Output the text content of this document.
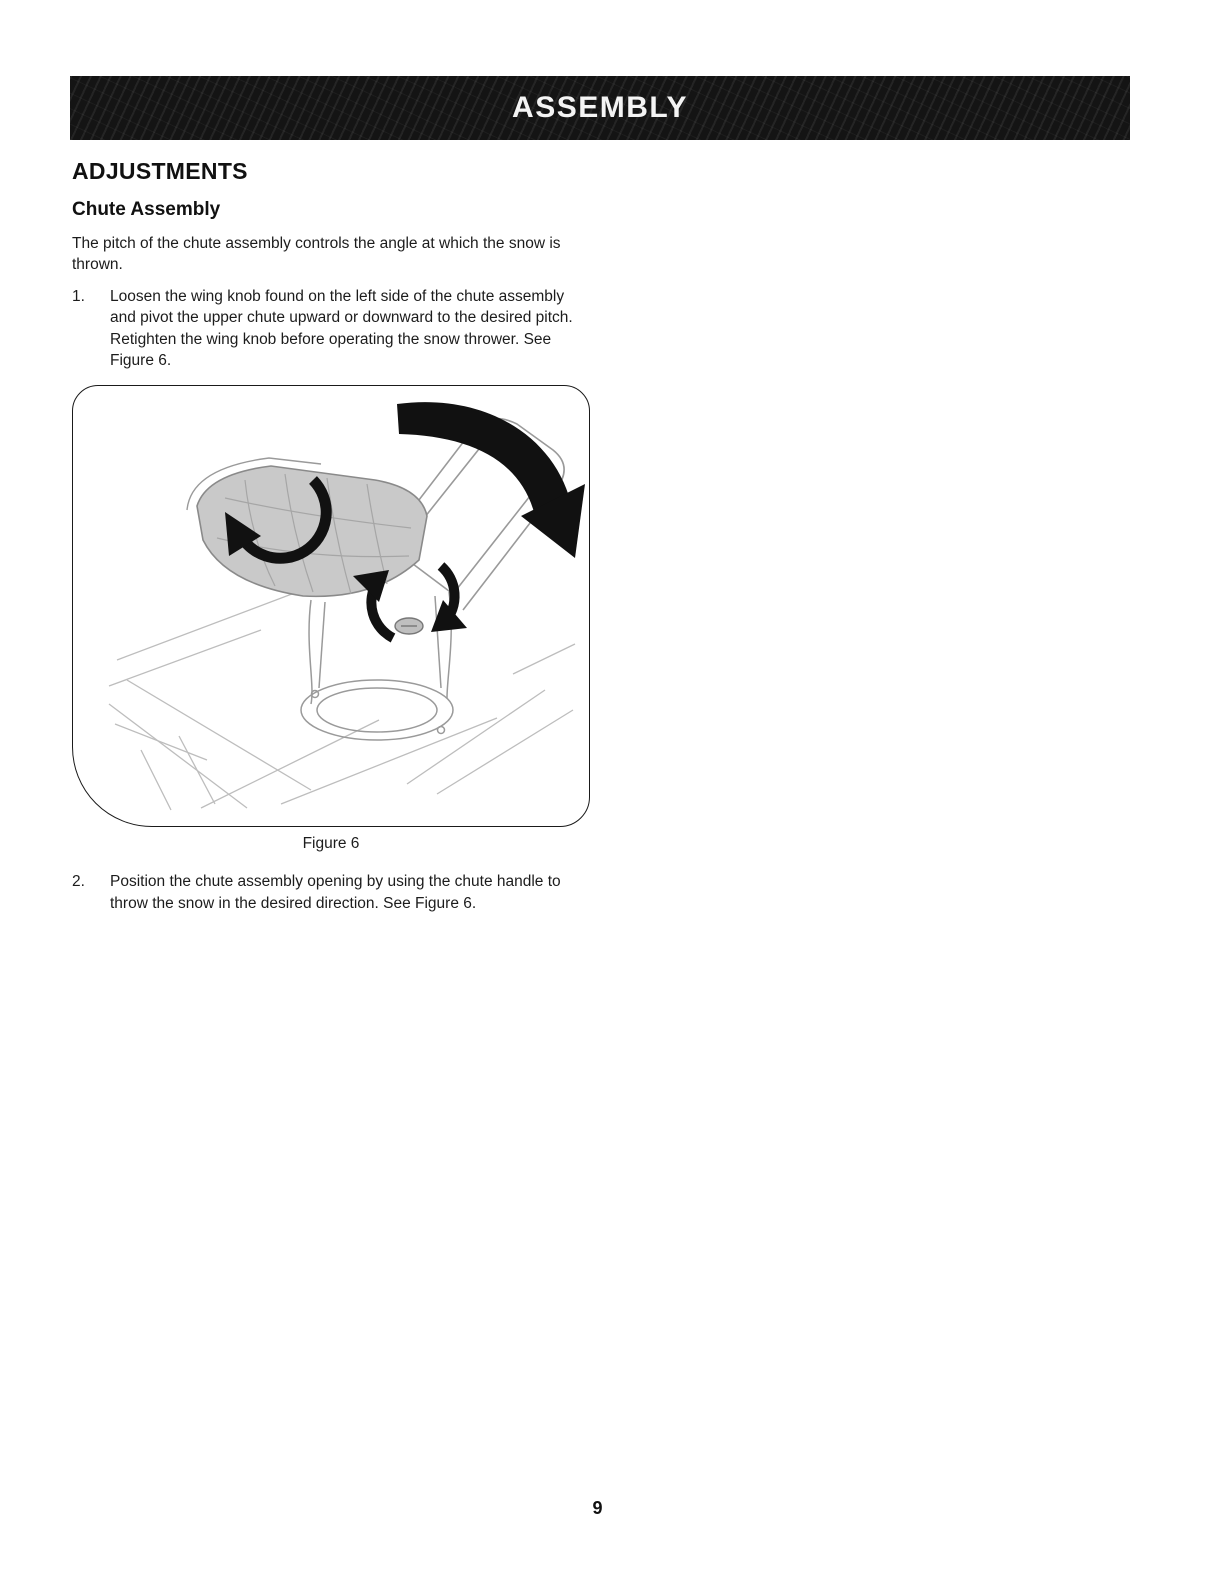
ASSEMBLY
ADJUSTMENTS
Chute Assembly

The pitch of the chute assembly controls the angle at which the snow is thrown.

1.	Loosen the wing knob found on the left side of the chute assembly and pivot the upper chute upward or downward to the desired pitch. Retighten the wing knob before operating the snow thrower. See Figure 6.
Figure 6
2.	Position the chute assembly opening by using the chute handle to throw the snow in the desired direction. See Figure 6.
9
